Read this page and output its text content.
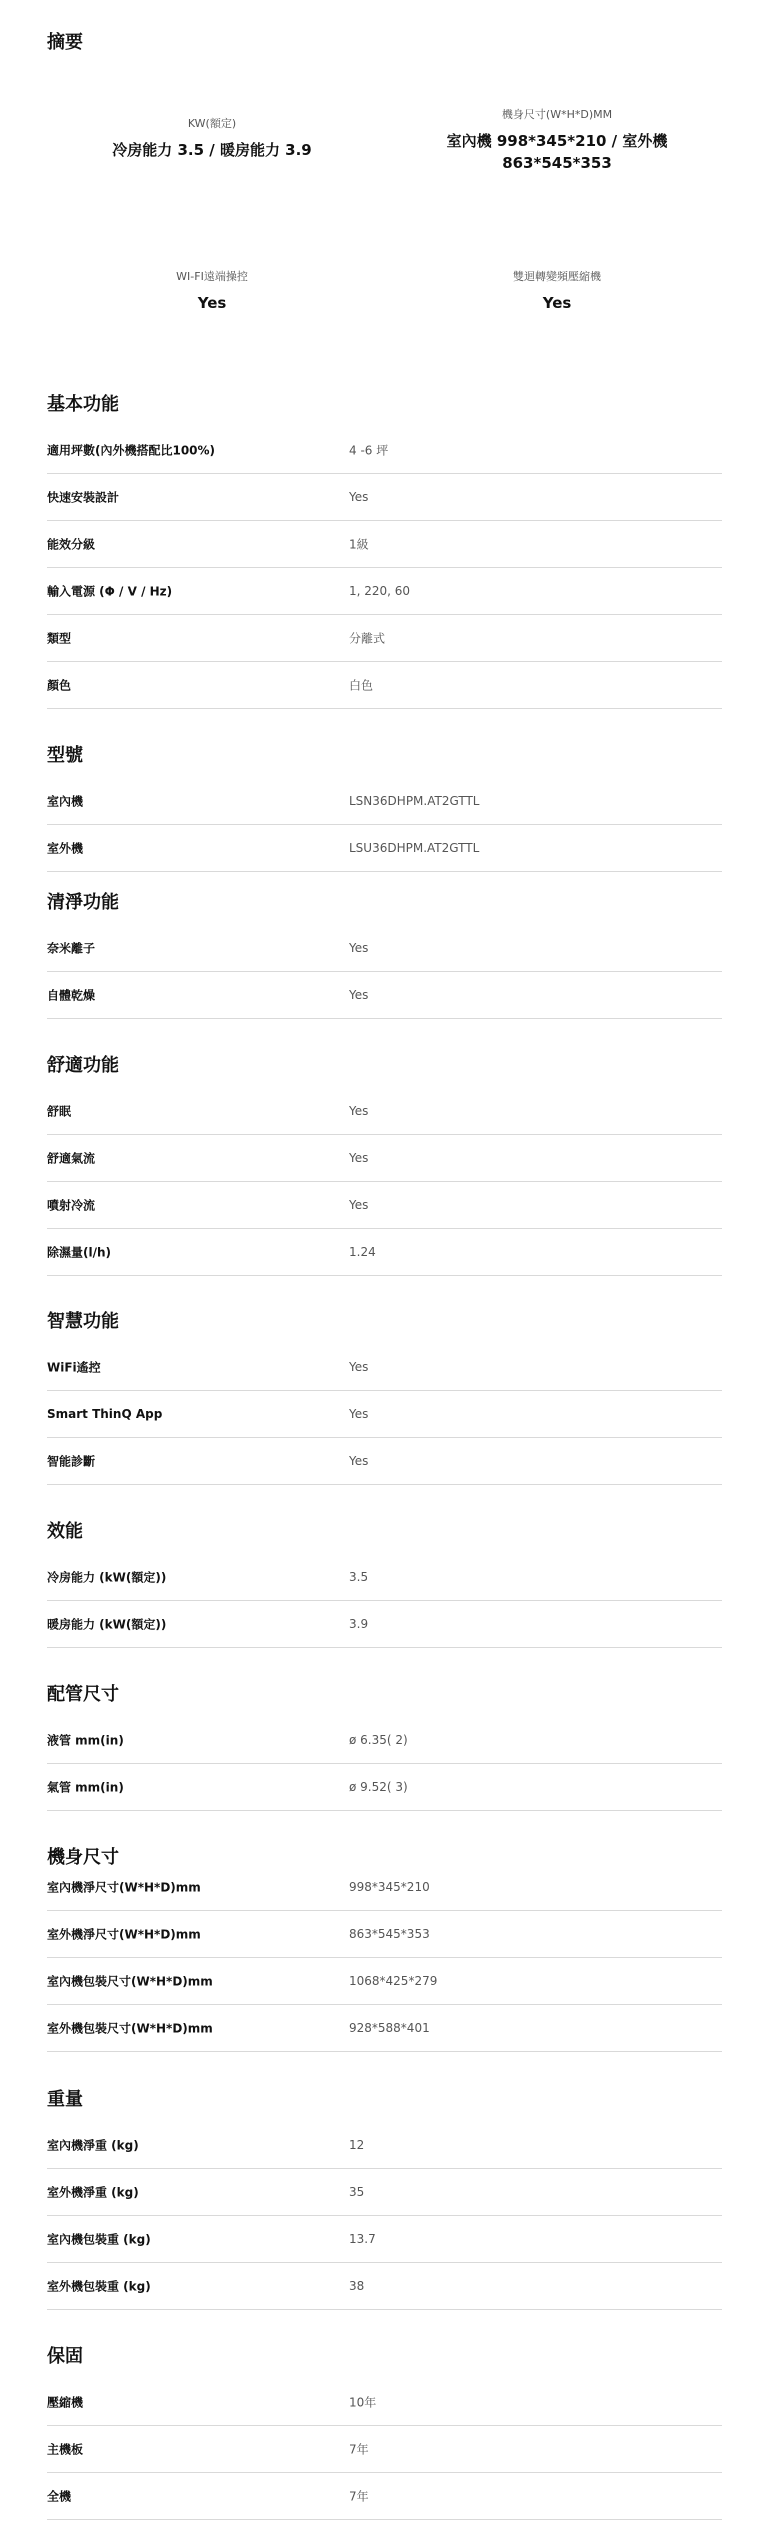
摘要
KW(額定)
冷房能力 3.5 / 暖房能力 3.9
機身尺寸(W*H*D)MM
室內機 998*345*210 / 室外機 863*545*353
WI-FI遠端操控
Yes
雙迴轉變頻壓縮機
Yes
基本功能
適用坪數(內外機搭配比100%)	4 -6 坪
快速安裝設計	Yes
能效分級	1級
輸入電源 (Φ / V / Hz)	1, 220, 60
類型	分離式
顏色	白色
型號
室內機	LSN36DHPM.AT2GTTL
室外機	LSU36DHPM.AT2GTTL
清淨功能
奈米離子	Yes
自體乾燥	Yes
舒適功能
舒眠	Yes
舒適氣流	Yes
噴射冷流	Yes
除濕量(l/h)	1.24
智慧功能
WiFi遙控	Yes
Smart ThinQ App	Yes
智能診斷	Yes
效能
冷房能力 (kW(額定))	3.5
暖房能力 (kW(額定))	3.9
配管尺寸
液管 mm(in)	ø 6.35( 2)
氣管 mm(in)	ø 9.52( 3)
機身尺寸
室內機淨尺寸(W*H*D)mm	998*345*210
室外機淨尺寸(W*H*D)mm	863*545*353
室內機包裝尺寸(W*H*D)mm	1068*425*279
室外機包裝尺寸(W*H*D)mm	928*588*401
重量
室內機淨重 (kg)	12
室外機淨重 (kg)	35
室內機包裝重 (kg)	13.7
室外機包裝重 (kg)	38
保固
壓縮機	10年
主機板	7年
全機	7年
